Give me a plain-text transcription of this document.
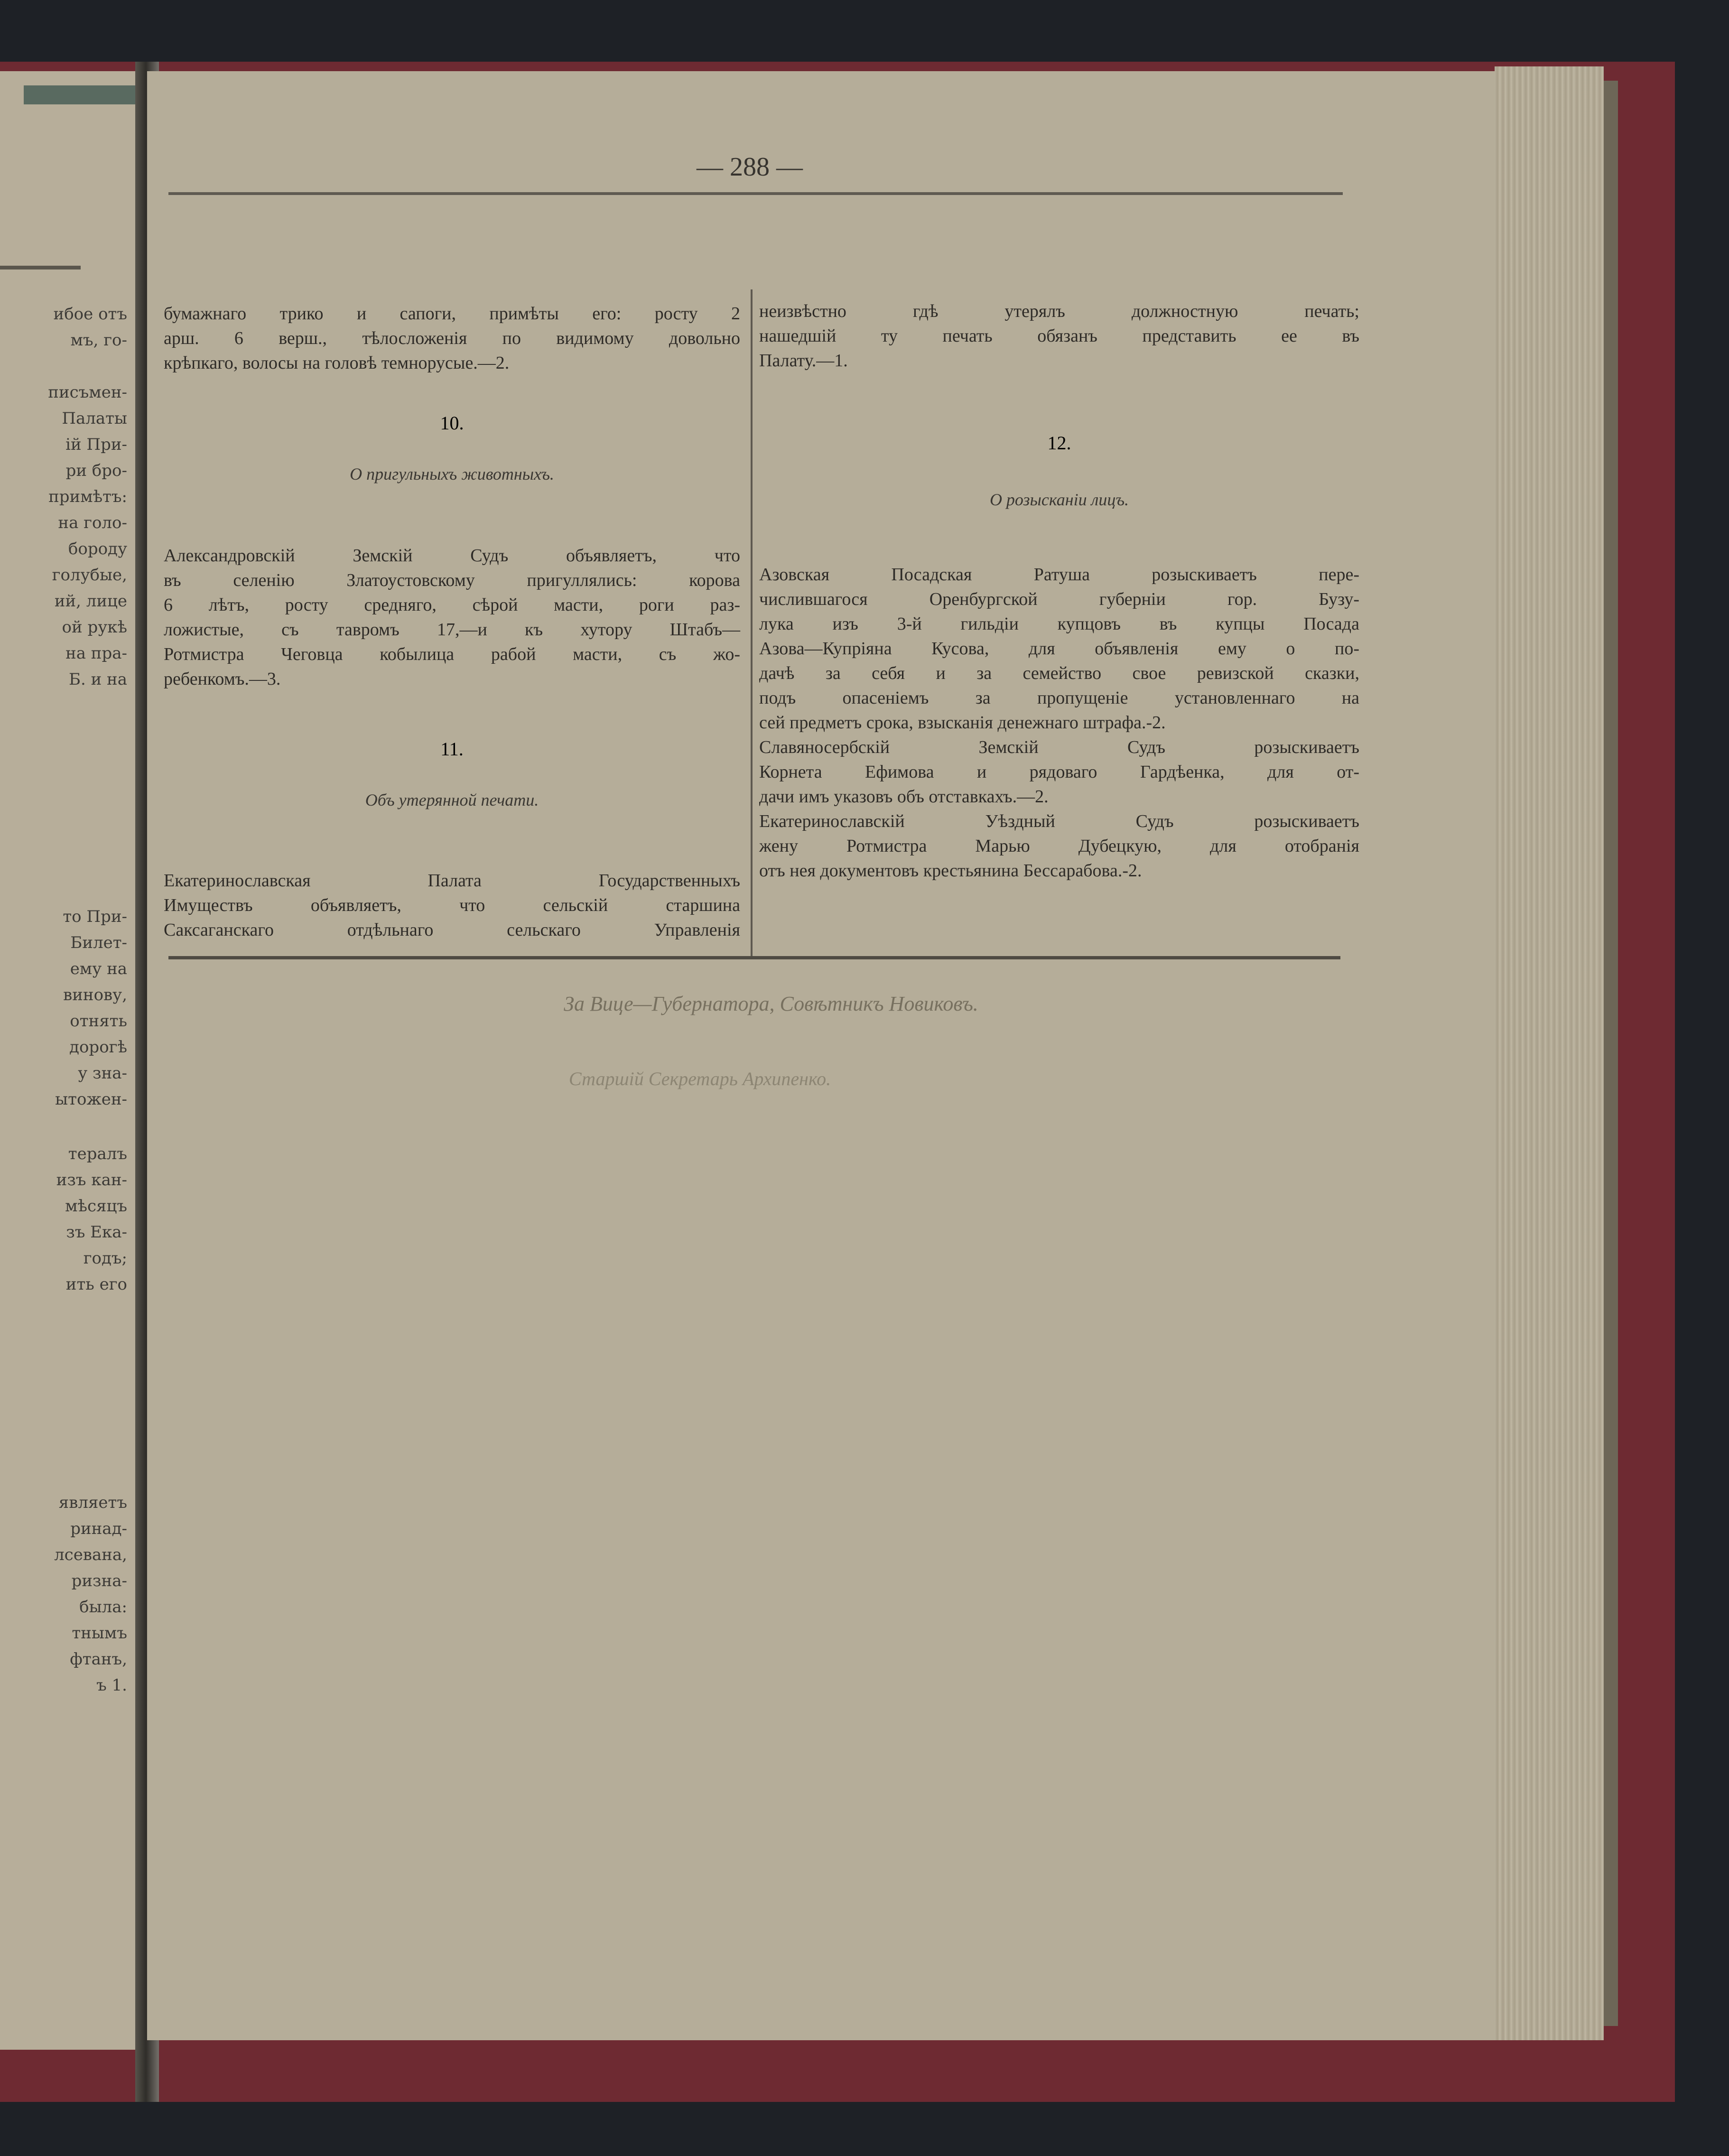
ибое отъ
мъ, го-
писъмен-
Палаты
ій При-
ри бро-
примѣтъ:
на голо-
бороду
голубые,
ий, лице
ой рукѣ
на пра-
Б. и на
то При-
Билет-
ему на
винову,
отнять
дорогѣ
у зна-
ытожен-
тералъ
изъ кан-
мѣсяцъ
зъ Ека-
годъ;
ить его
являетъ
ринад-
лсевана,
ризна-
была:
тнымъ
фтанъ,
ъ 1.
— 288 —
бумажнаго трико и сапоги, примѣты его: росту 2
арш. 6 верш., тѣлосложенія по видимому довольно
крѣпкаго, волосы на головѣ темнорусые.—2.
10.
О пригульныхъ животныхъ.
Александровскій Земскій Судъ объявляетъ, что
въ селенію Златоустовскому пригуллялись: корова
6 лѣтъ, росту средняго, сѣрой масти, роги раз-
ложистые, съ тавромъ 17,—и къ хутору Штабъ—
Ротмистра Чеговца кобылица рабой масти, съ жо-
ребенкомъ.—3.
11.
Объ утерянной печати.
Екатеринославская Палата Государственныхъ
Имуществъ объявляетъ, что сельскій старшина
Саксаганскаго отдѣльнаго сельскаго Управленія
неизвѣстно гдѣ утерялъ должностную печать;
нашедшій ту печать обязанъ представить ее въ
Палату.—1.
12.
О розысканіи лицъ.
Азовская Посадская Ратуша розыскиваетъ пере-
числившагося Оренбургской губерніи гор. Бузу-
лука изъ 3-й гильдіи купцовъ въ купцы Посада
Азова—Купріяна Кусова, для объявленія ему о по-
дачѣ за себя и за семейство свое ревизской сказки,
подъ опасеніемъ за пропущеніе установленнаго на
сей предметъ срока, взысканія денежнаго штрафа.-2.
Славяносербскій Земскій Судъ розыскиваетъ
Корнета Ефимова и рядоваго Гардѣенка, для от-
дачи имъ указовъ объ отставкахъ.—2.
Екатеринославскій Уѣздный Судъ розыскиваетъ
жену Ротмистра Марью Дубецкую, для отобранія
отъ нея документовъ крестьянина Бессарабова.-2.
За Вице—Губернатора, Совѣтникъ Новиковъ.
Старшій Секретарь Архипенко.
